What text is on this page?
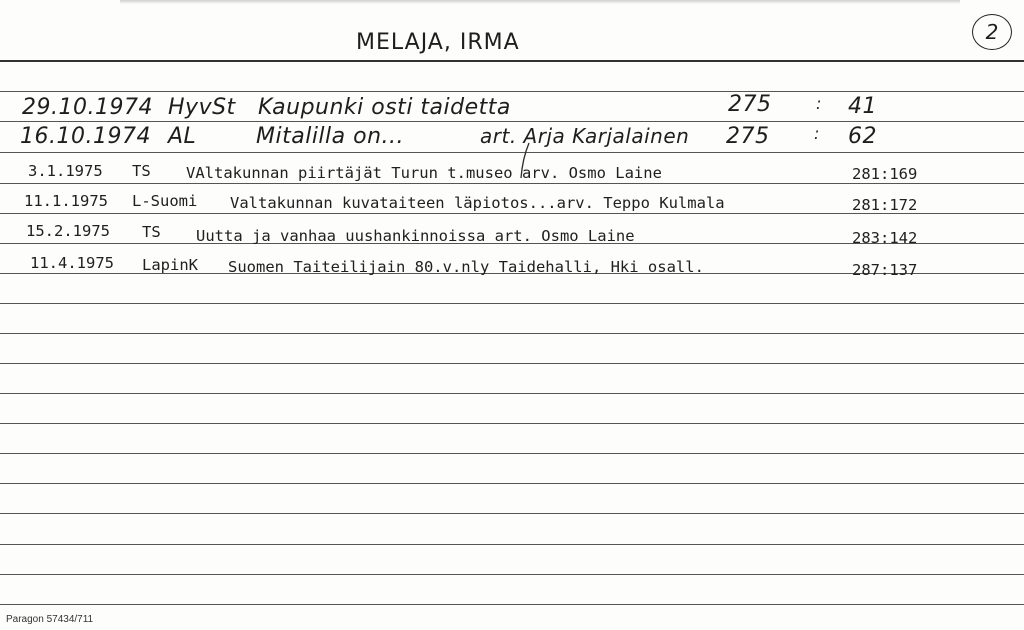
MELAJA, IRMA	2
29.10.1974 HyvSt Kaupunki osti taidetta	275	: 41
16.10.1974 AL	Mitalilla on...	art. Arja Karjalainen 275	: 62
3.1.1975 TS VAltakunnan piirtäjät Turun t.museo arv. Osmo Laine	281:169
11.1.1975 L-Suomi Valtakunnan kuvataiteen läpiotos...arv. Teppo Kulmala	281:172
15.2.1975 TS Uutta ja vanhaa uushankinnoissa art. Osmo Laine	283:142
11.4.1975 LapinK Suomen Taiteilijain 80.v.nly Taidehalli, Hki osall.	287:137
Paragon 57434/711
